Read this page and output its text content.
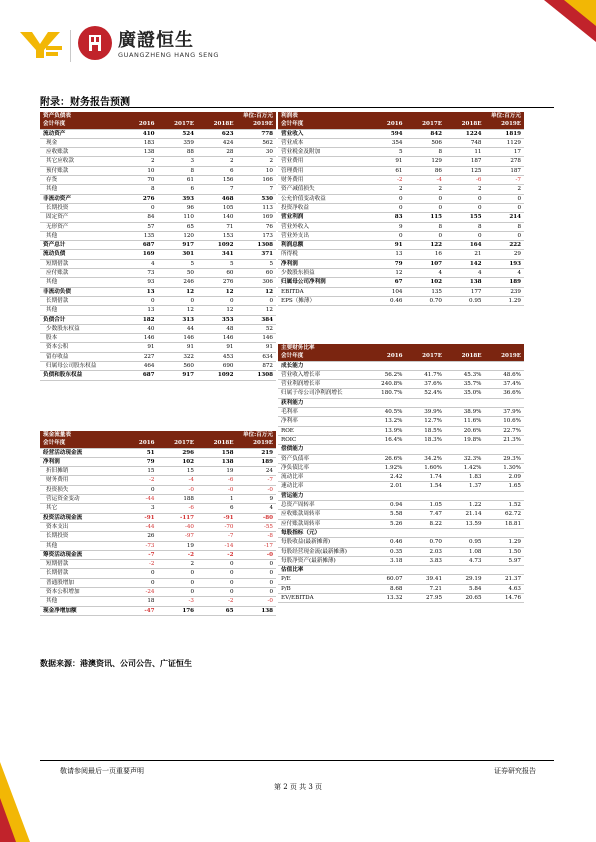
廣證恒生
GUANGZHENG HANG SENG
附录：财务报告预测
资产负债表			单位:百万元	
会计年度	2016	2017E	2018E	2019E
流动资产	410	524	623	778
现金	183	359	424	562
应收账款	138	88	28	30
其它应收款	2	3	2	2
预付账款	10	8	6	10
存货	70	61	156	166
其他	8	6	7	7
非流动资产	276	393	468	530
长期投资	0	96	105	113
固定资产	84	110	140	169
无形资产	57	65	71	76
其他	135	120	153	173
资产总计	687	917	1092	1308
流动负债	169	301	341	371
短期借款	4	5	5	5
应付账款	73	50	60	60
其他	93	246	276	306
非流动负债	13	12	12	12
长期借款	0	0	0	0
其他	13	12	12	12
负债合计	182	313	353	384
少数股东权益	40	44	48	52
股本	146	146	146	146
资本公积	91	91	91	91
留存收益	227	322	453	634
归属母公司股东权益	464	560	690	872
负债和股东权益	687	917	1092	1308
利润表			单位:百万元	
会计年度	2016	2017E	2018E	2019E
营业收入	594	842	1224	1819
营业成本	354	506	748	1129
营业税金及附加	5	8	11	17
营业费用	91	129	187	278
管理费用	61	86	125	187
财务费用	-2	-4	-6	-7
资产减值损失	2	2	2	2
公允价值变动收益	0	0	0	0
投资净收益	0	0	0	0
营业利润	83	115	155	214
营业外收入	9	8	8	8
营业外支出	0	0	0	0
利润总额	91	122	164	222
所得税	13	16	21	29
净利润	79	107	142	193
少数股东损益	12	4	4	4
归属母公司净利润	67	102	138	189
EBITDA	104	135	177	239
EPS（摊薄）	0.46	0.70	0.95	1.29
现金流量表			单位:百万元	
会计年度	2016	2017E	2018E	2019E
经营活动现金流	51	296	158	219
净利润	79	102	138	189
折旧摊销	15	15	19	24
财务费用	-2	-4	-6	-7
投资损失	0	-0	-0	-0
营运资金变动	-44	188	1	9
其它	3	-6	6	4
投资活动现金流	-91	-117	-91	-80
资本支出	-44	-40	-70	-55
长期投资	26	-97	-7	-8
其他	-73	19	-14	-17
筹资活动现金流	-7	-2	-2	-0
短期借款	-2	2	0	0
长期借款	0	0	0	0
普通股增加	0	0	0	0
资本公积增加	-24	0	0	0
其他	18	-3	-2	-0
现金净增加额	-47	176	65	138
主要财务比率				
会计年度	2016	2017E	2018E	2019E
成长能力				
营业收入增长率	56.2%	41.7%	45.3%	48.6%
营业利润增长率	240.8%	37.6%	35.7%	37.4%
归属于母公司净利润增长	180.7%	52.4%	35.0%	36.6%
获利能力				
毛利率	40.5%	39.9%	38.9%	37.9%
净利率	13.2%	12.7%	11.6%	10.6%
ROE	13.9%	18.5%	20.6%	22.7%
ROIC	16.4%	18.3%	19.8%	21.3%
偿债能力				
资产负债率	26.6%	34.2%	32.3%	29.3%
净负债比率	1.92%	1.60%	1.42%	1.30%
流动比率	2.42	1.74	1.83	2.09
速动比率	2.01	1.54	1.37	1.65
营运能力				
总资产周转率	0.94	1.05	1.22	1.52
应收账款周转率	5.58	7.47	21.14	62.72
应付账款周转率	5.26	8.22	13.59	18.81
每股指标（元）				
每股收益(最新摊薄)	0.46	0.70	0.95	1.29
每股经营现金流(最新摊薄)	0.35	2.03	1.08	1.50
每股净资产(最新摊薄)	3.18	3.83	4.73	5.97
估值比率				
P/E	60.07	39.41	29.19	21.37
P/B	8.68	7.21	5.84	4.63
EV/EBITDA	13.32	27.95	20.65	14.76
数据来源：港澳资讯、公司公告、广证恒生
敬请参阅最后一页重要声明	证券研究报告
第 2 页 共 3 页
